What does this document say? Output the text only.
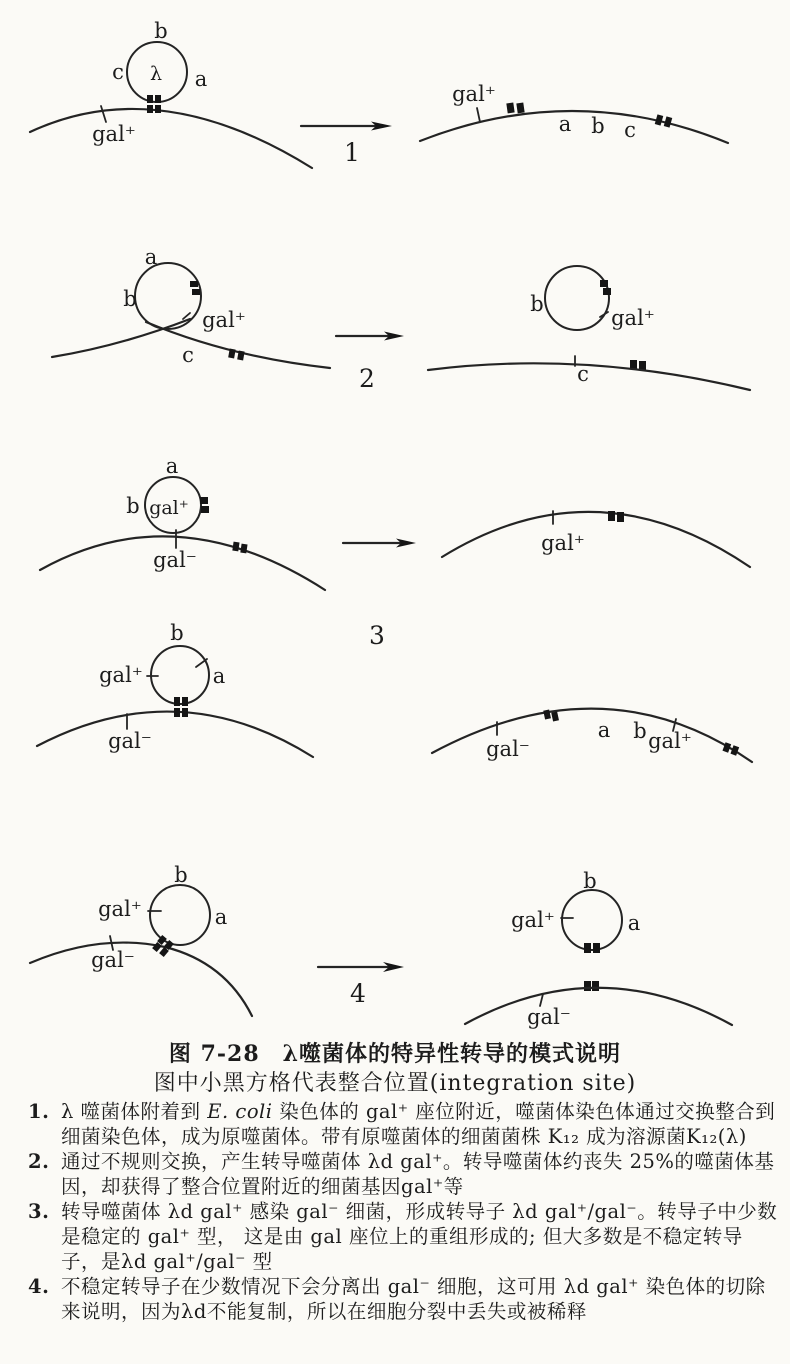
b
c λ a
gal⁺
1
gal⁺
a b c
a
b
gal⁺
c
2
b
gal⁺
c
a
b gal⁺
gal⁻
3
gal⁺
b
gal⁺	a
gal⁻	gal⁻
a b gal⁺
b
gal⁺	a
gal⁻
4
b
gal⁺	a
gal⁻
图 7-28　λ噬菌体的特异性转导的模式说明
图中小黑方格代表整合位置(integration site)
1. λ 噬菌体附着到 E. coli 染色体的 gal⁺ 座位附近，噬菌体染色体通过交换整合到细菌染色体，成为原噬菌体。带有原噬菌体的细菌菌株 K₁₂ 成为溶源菌K₁₂(λ)
2. 通过不规则交换，产生转导噬菌体 λd gal⁺。转导噬菌体约丧失 25%的噬菌体基因，却获得了整合位置附近的细菌基因gal⁺等
3. 转导噬菌体 λd gal⁺ 感染 gal⁻ 细菌，形成转导子 λd gal⁺/gal⁻。转导子中少数是稳定的 gal⁺ 型， 这是由 gal 座位上的重组形成的; 但大多数是不稳定转导子，是λd gal⁺/gal⁻ 型
4. 不稳定转导子在少数情况下会分离出 gal⁻ 细胞，这可用 λd gal⁺ 染色体的切除来说明，因为λd不能复制，所以在细胞分裂中丢失或被稀释
